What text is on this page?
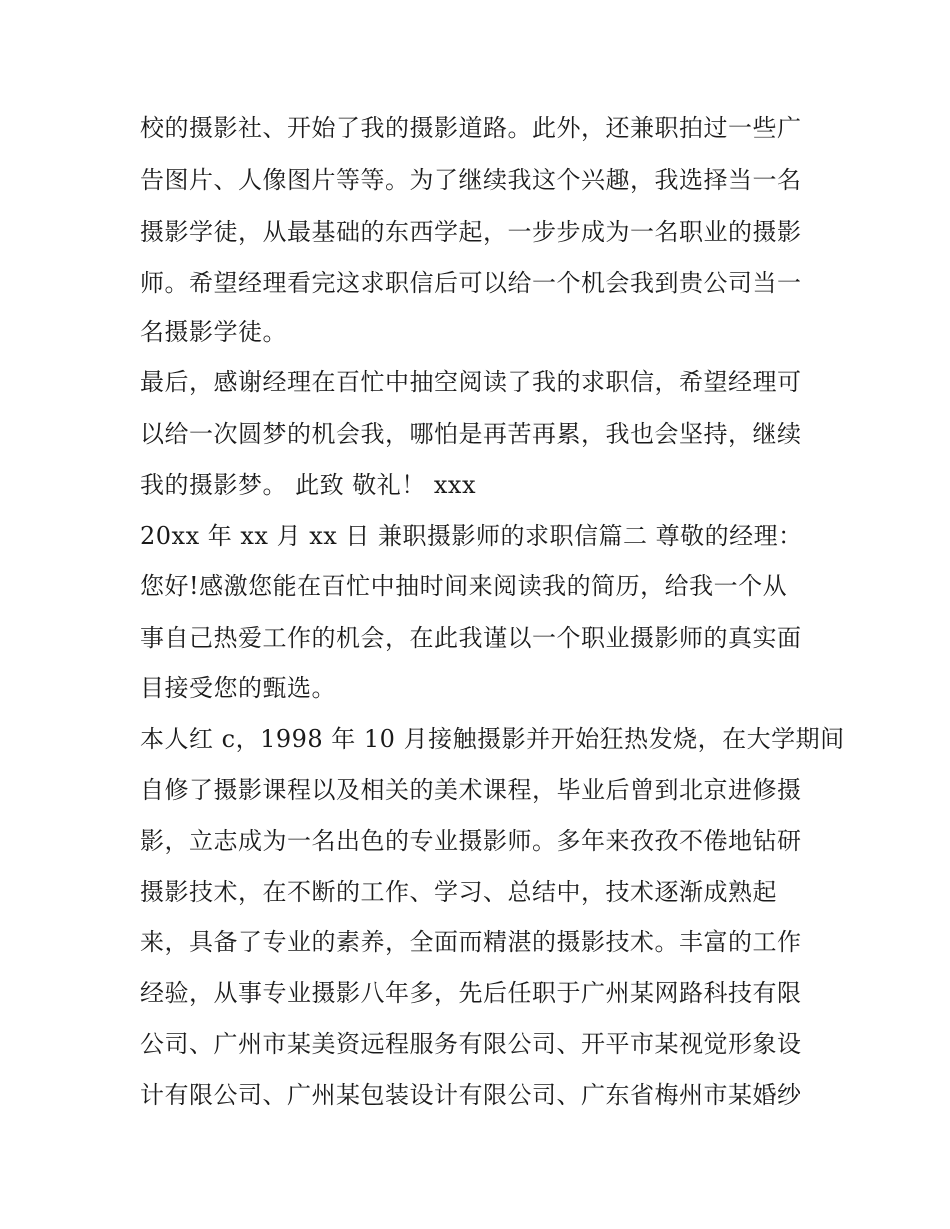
校的摄影社、开始了我的摄影道路。此外，还兼职拍过一些广
告图片、人像图片等等。为了继续我这个兴趣，我选择当一名
摄影学徒，从最基础的东西学起，一步步成为一名职业的摄影
师。希望经理看完这求职信后可以给一个机会我到贵公司当一
名摄影学徒。
最后，感谢经理在百忙中抽空阅读了我的求职信，希望经理可
以给一次圆梦的机会我，哪怕是再苦再累，我也会坚持，继续
我的摄影梦。 此致 敬礼！ xxx
20xx 年 xx 月 xx 日 兼职摄影师的求职信篇二 尊敬的经理：
您好!感激您能在百忙中抽时间来阅读我的简历，给我一个从
事自己热爱工作的机会，在此我谨以一个职业摄影师的真实面
目接受您的甄选。
本人红 c，1998 年 10 月接触摄影并开始狂热发烧，在大学期间
自修了摄影课程以及相关的美术课程，毕业后曾到北京进修摄
影，立志成为一名出色的专业摄影师。多年来孜孜不倦地钻研
摄影技术，在不断的工作、学习、总结中，技术逐渐成熟起
来，具备了专业的素养，全面而精湛的摄影技术。丰富的工作
经验，从事专业摄影八年多，先后任职于广州某网路科技有限
公司、广州市某美资远程服务有限公司、开平市某视觉形象设
计有限公司、广州某包装设计有限公司、广东省梅州市某婚纱
